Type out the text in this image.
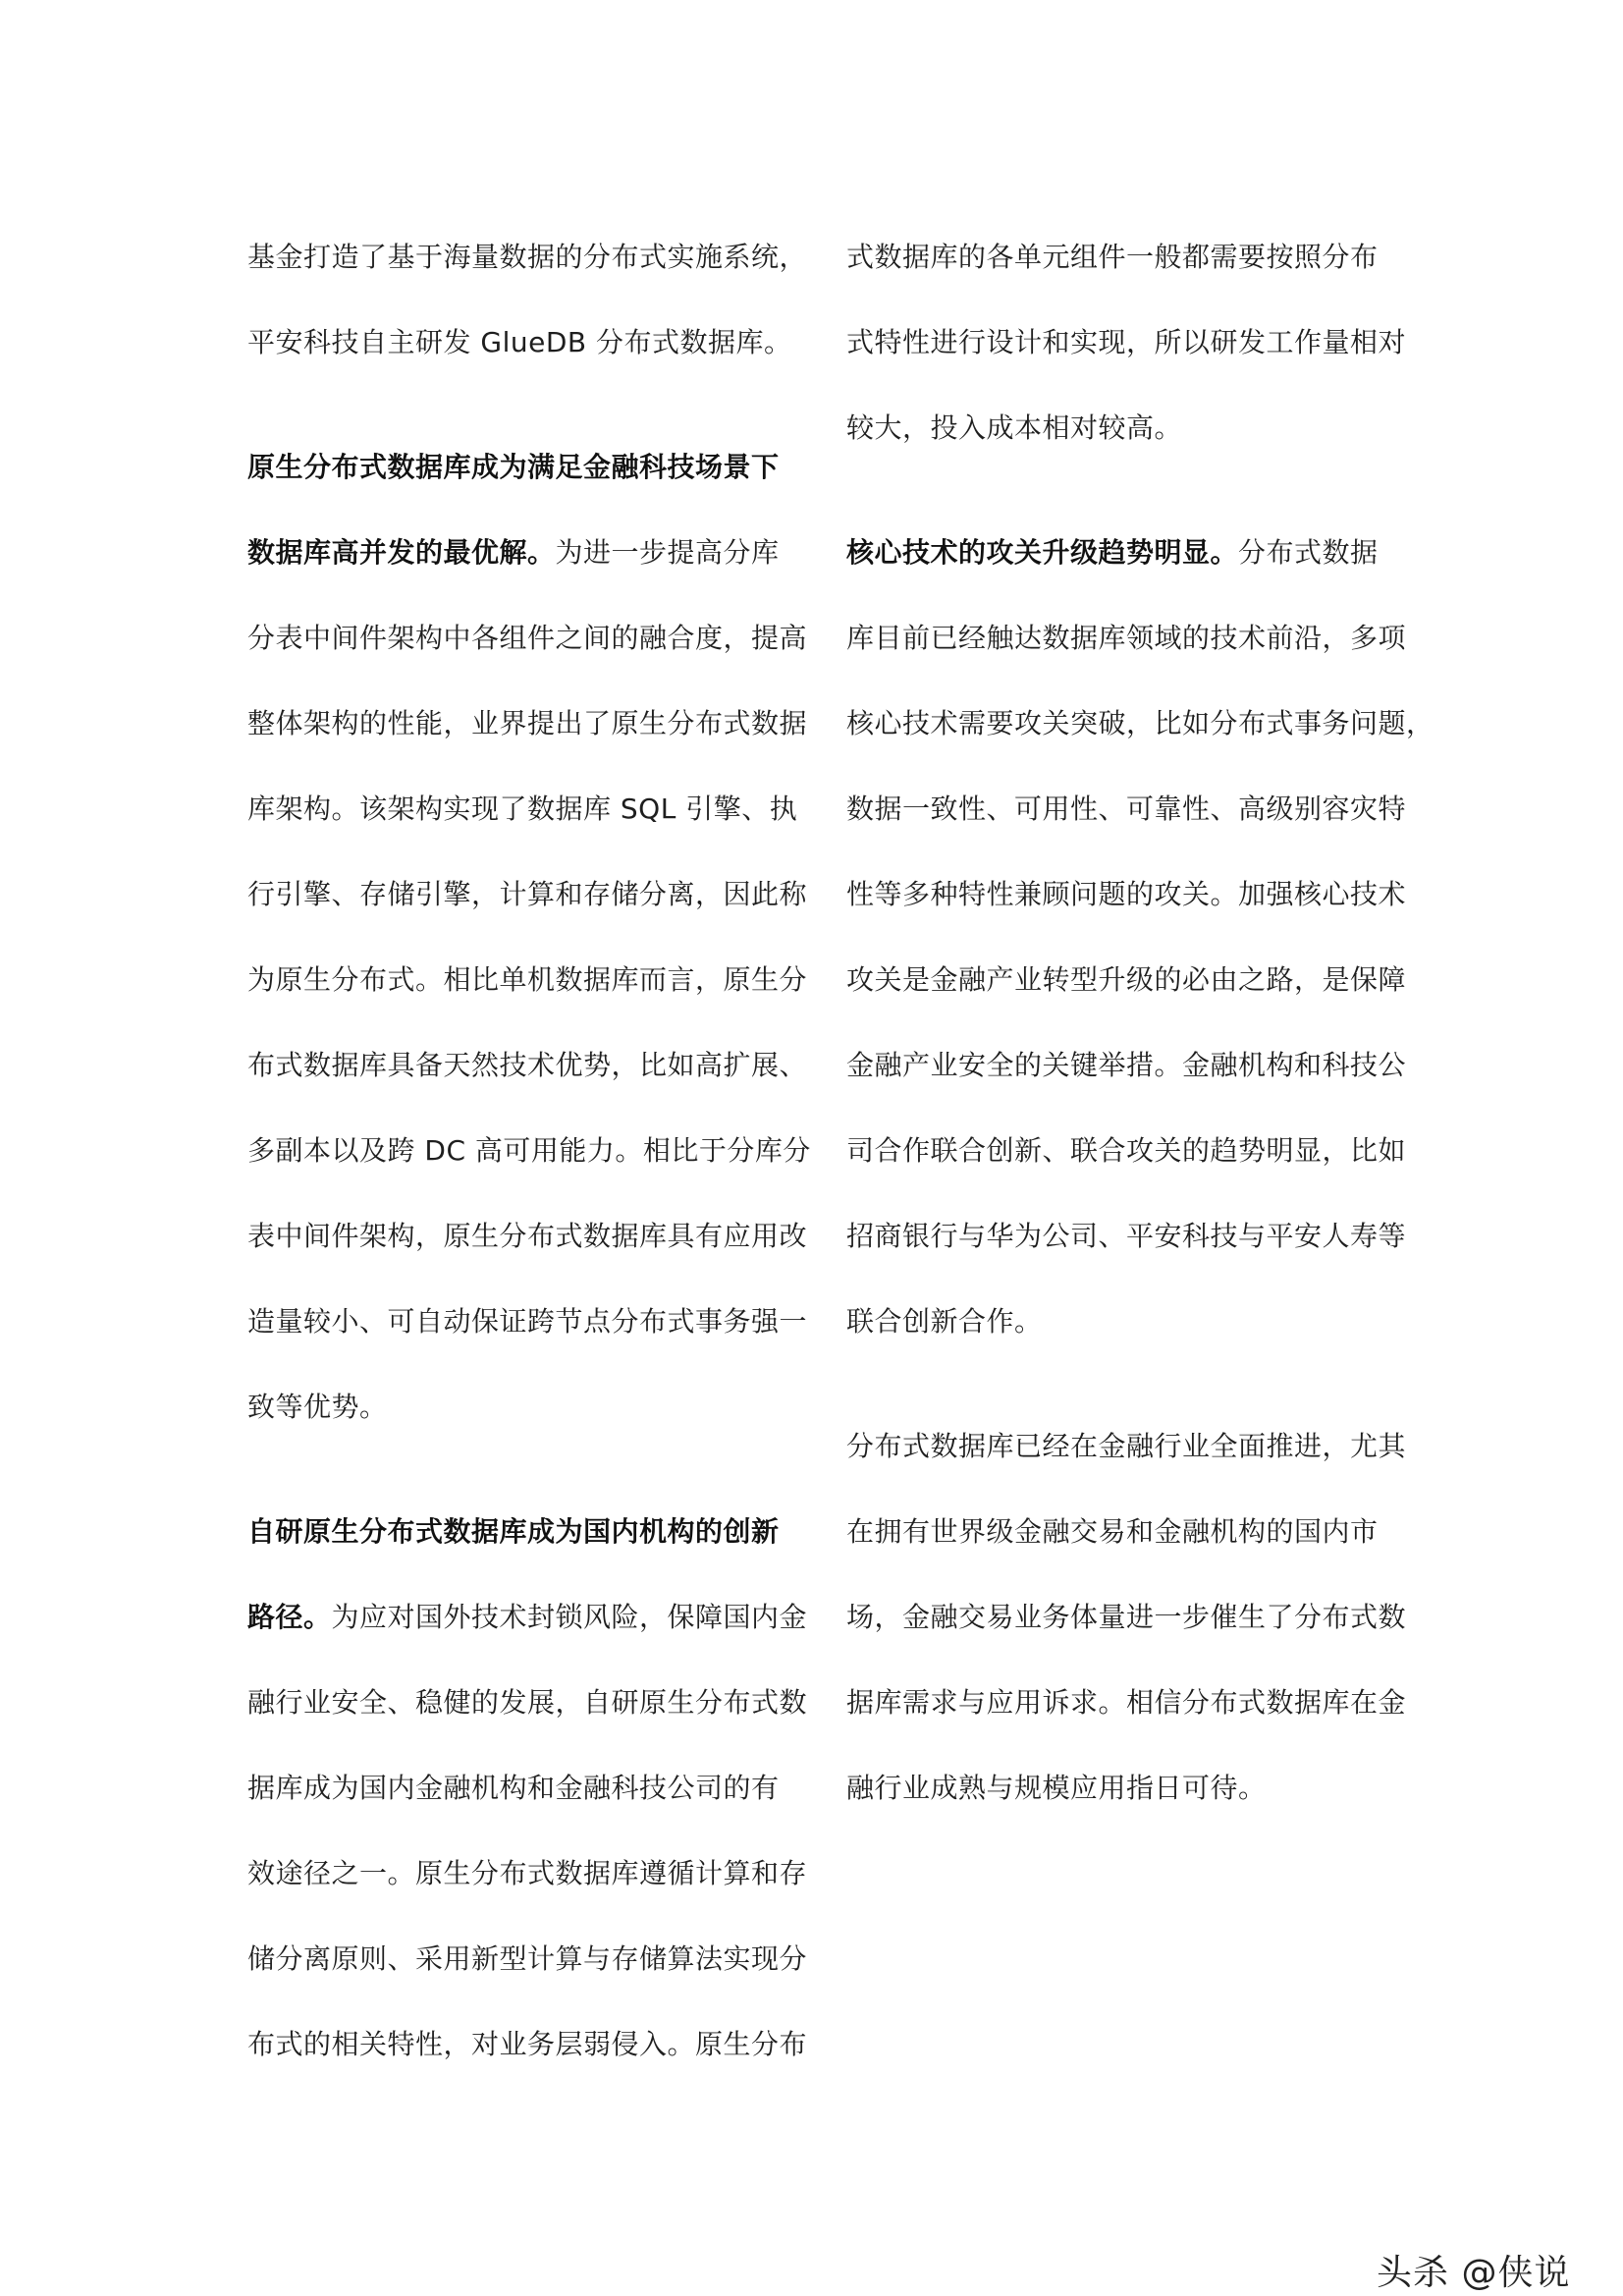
基金打造了基于海量数据的分布式实施系统，
平安科技自主研发 GlueDB 分布式数据库。

原生分布式数据库成为满足金融科技场景下
数据库高并发的最优解。为进一步提高分库
分表中间件架构中各组件之间的融合度，提高
整体架构的性能，业界提出了原生分布式数据
库架构。该架构实现了数据库 SQL 引擎、执
行引擎、存储引擎，计算和存储分离，因此称
为原生分布式。相比单机数据库而言，原生分
布式数据库具备天然技术优势，比如高扩展、
多副本以及跨 DC 高可用能力。相比于分库分
表中间件架构，原生分布式数据库具有应用改
造量较小、可自动保证跨节点分布式事务强一
致等优势。

自研原生分布式数据库成为国内机构的创新
路径。为应对国外技术封锁风险，保障国内金
融行业安全、稳健的发展，自研原生分布式数
据库成为国内金融机构和金融科技公司的有
效途径之一。原生分布式数据库遵循计算和存
储分离原则、采用新型计算与存储算法实现分
布式的相关特性，对业务层弱侵入。原生分布

式数据库的各单元组件一般都需要按照分布
式特性进行设计和实现，所以研发工作量相对
较大，投入成本相对较高。

核心技术的攻关升级趋势明显。分布式数据
库目前已经触达数据库领域的技术前沿，多项
核心技术需要攻关突破，比如分布式事务问题，
数据一致性、可用性、可靠性、高级别容灾特
性等多种特性兼顾问题的攻关。加强核心技术
攻关是金融产业转型升级的必由之路，是保障
金融产业安全的关键举措。金融机构和科技公
司合作联合创新、联合攻关的趋势明显，比如
招商银行与华为公司、平安科技与平安人寿等
联合创新合作。

分布式数据库已经在金融行业全面推进，尤其
在拥有世界级金融交易和金融机构的国内市
场，金融交易业务体量进一步催生了分布式数
据库需求与应用诉求。相信分布式数据库在金
融行业成熟与规模应用指日可待。

头杀 @侠说
